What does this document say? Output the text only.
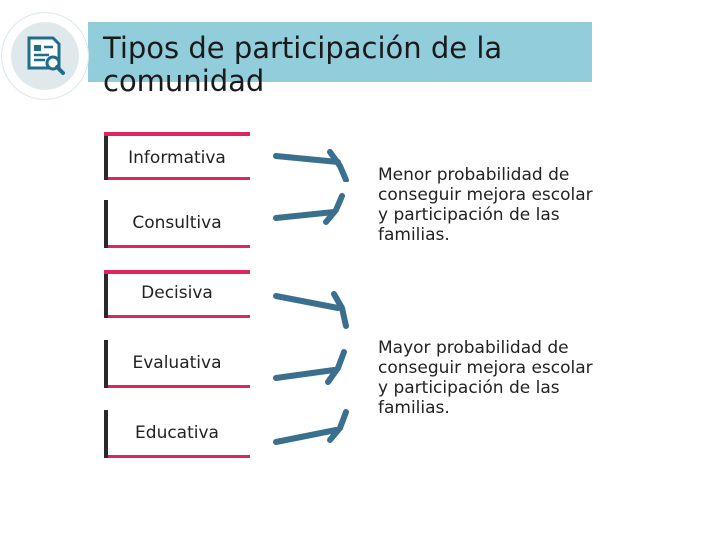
Tipos de participación de la comunidad
Informativa
Consultiva
Decisiva
Evaluativa
Educativa
Menor probabilidad de conseguir mejora escolar y participación de las familias.
Mayor probabilidad de conseguir mejora escolar y participación de las familias.
